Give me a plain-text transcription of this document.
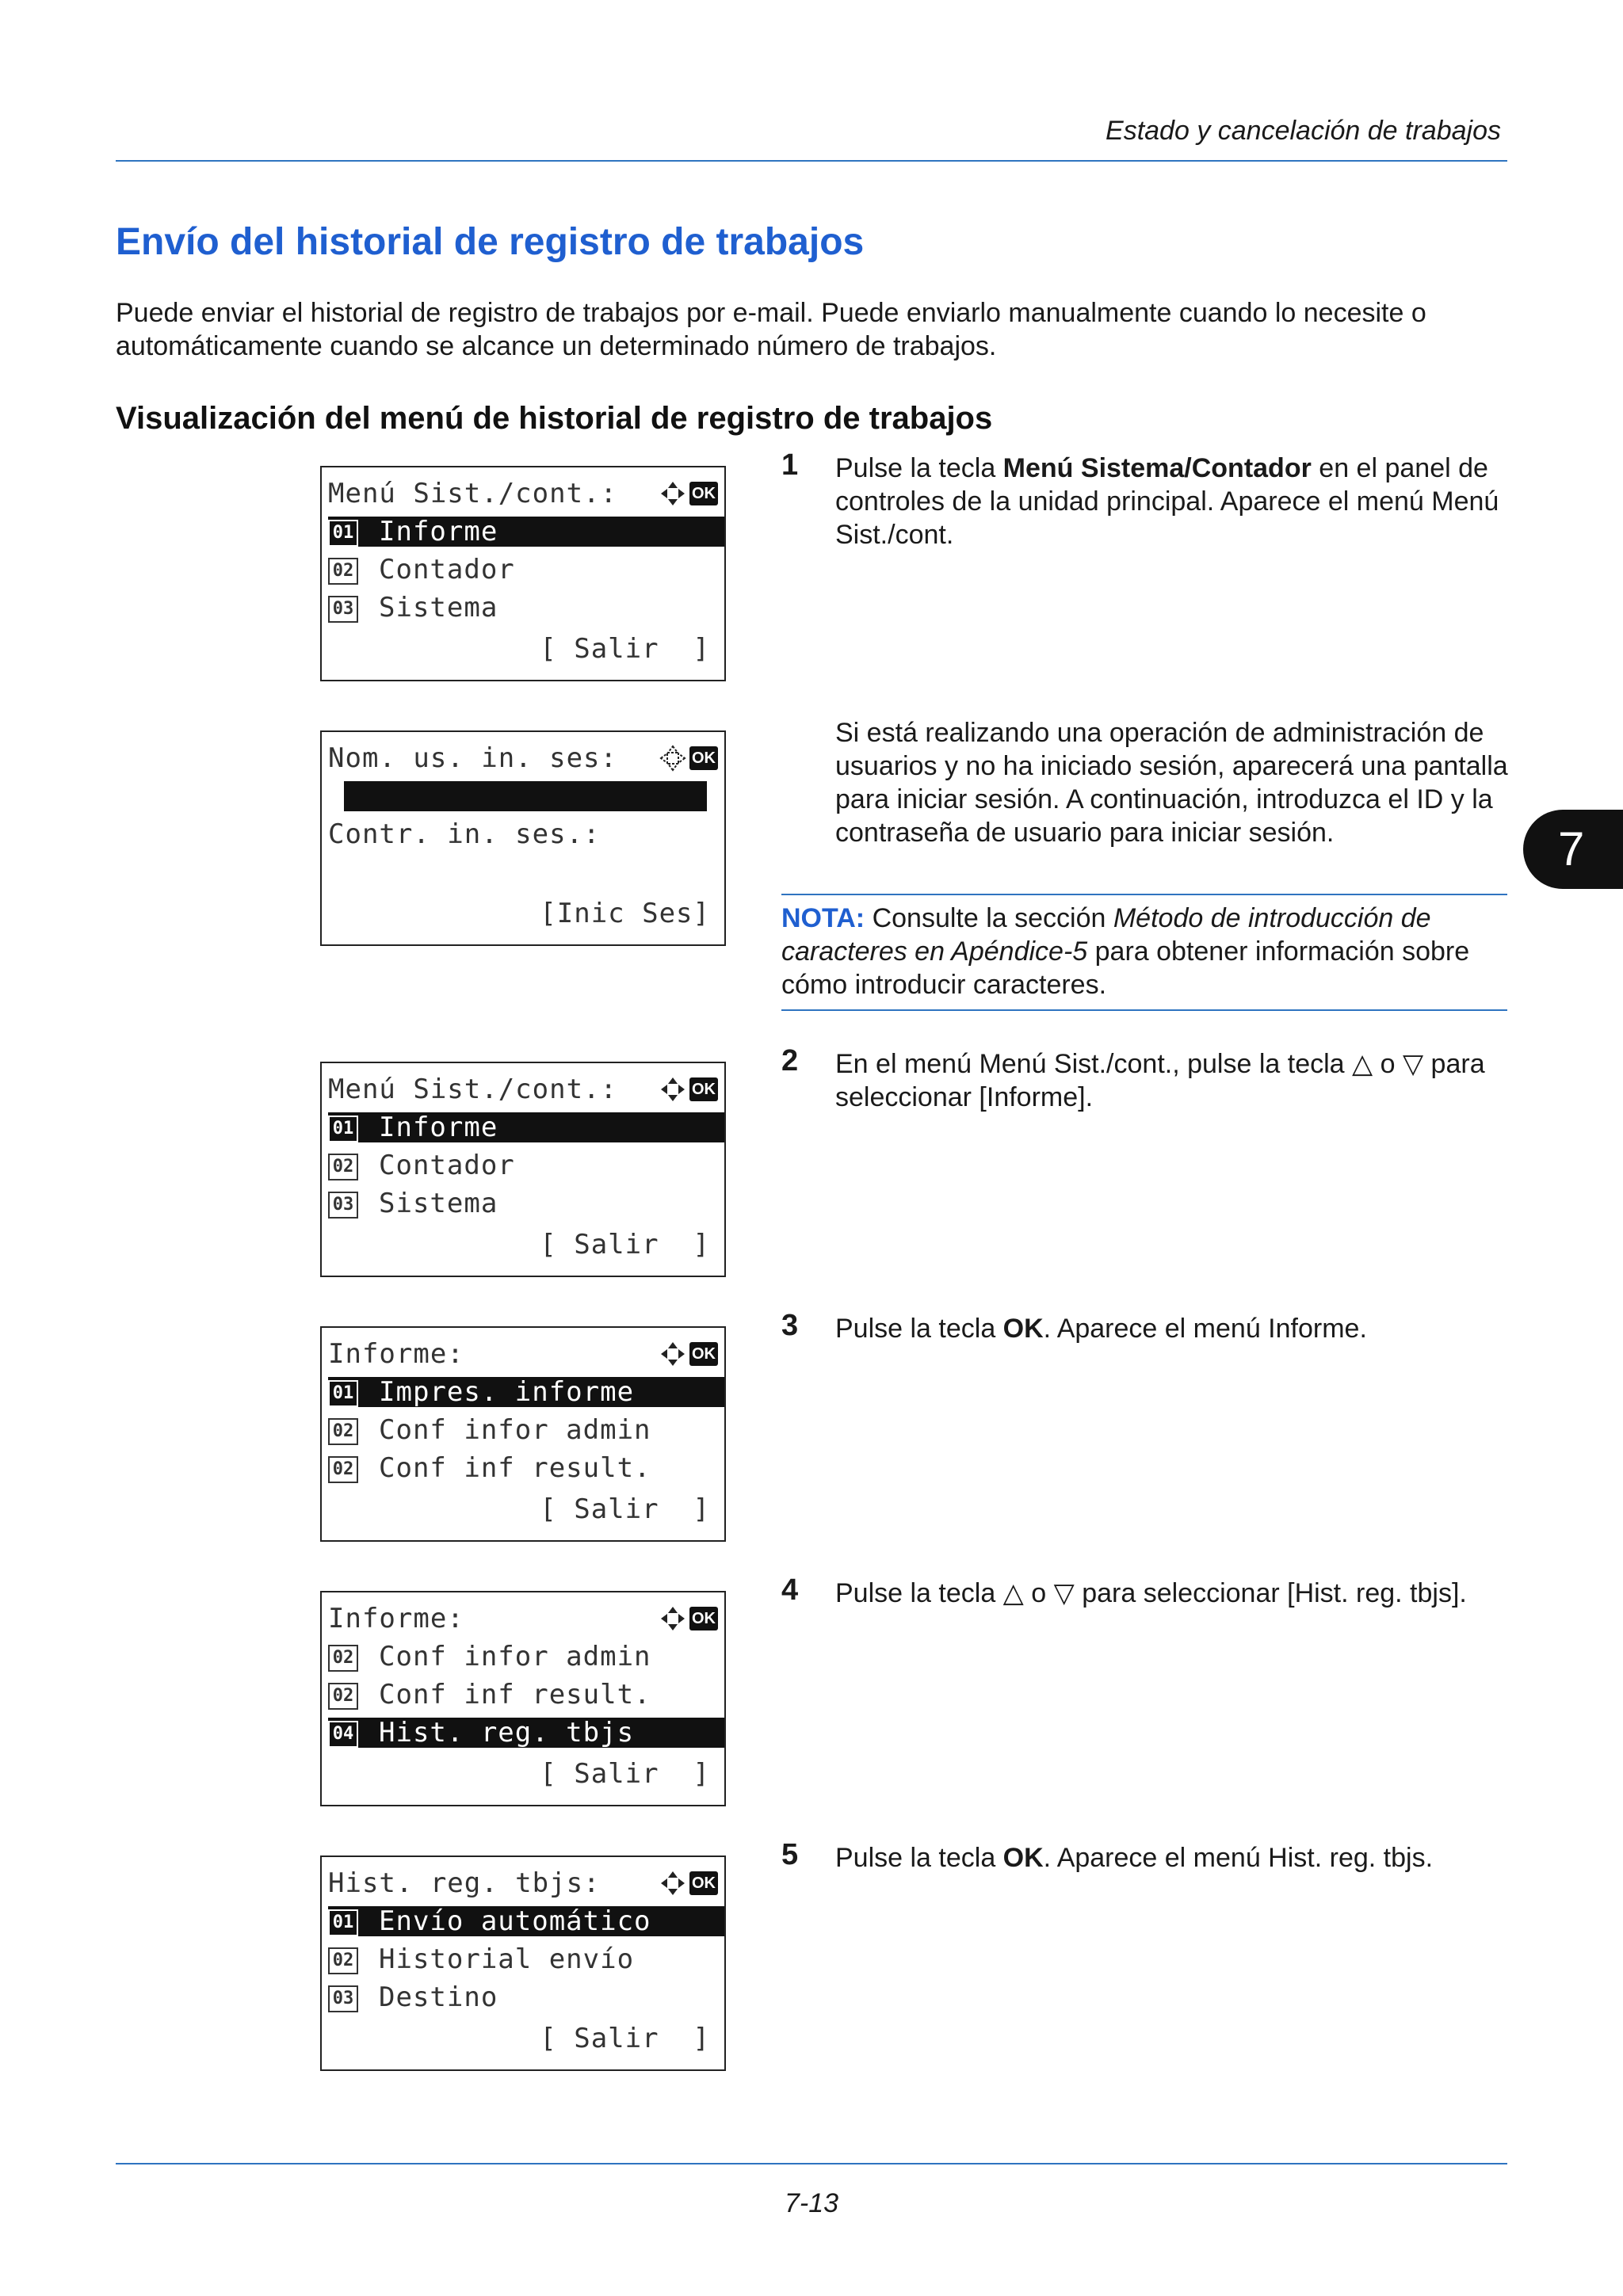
Estado y cancelación de trabajos
Envío del historial de registro de trabajos
Puede enviar el historial de registro de trabajos por e-mail. Puede enviarlo manualmente cuando lo necesite o automáticamente cuando se alcance un determinado número de trabajos.
Visualización del menú de historial de registro de trabajos
7
1 Pulse la tecla Menú Sistema/Contador en el panel de controles de la unidad principal. Aparece el menú Menú Sist./cont.
Si está realizando una operación de administración de usuarios y no ha iniciado sesión, aparecerá una pantalla para iniciar sesión. A continuación, introduzca el ID y la contraseña de usuario para iniciar sesión.
NOTA: Consulte la sección Método de introducción de caracteres en Apéndice-5 para obtener información sobre cómo introducir caracteres.
2 En el menú Menú Sist./cont., pulse la tecla △ o ▽ para seleccionar [Informe].
3 Pulse la tecla OK. Aparece el menú Informe.
4 Pulse la tecla △ o ▽ para seleccionar [Hist. reg. tbjs].
5 Pulse la tecla OK. Aparece el menú Hist. reg. tbjs.
Menú Sist./cont.:	OK
01 Informe
02 Contador
03 Sistema
[ Salir  ]
Nom. us. in. ses:	OK
Contr. in. ses.:
[Inic Ses]
Menú Sist./cont.:	OK
01 Informe
02 Contador
03 Sistema
[ Salir  ]
Informe:	OK
01 Impres. informe
02 Conf infor admin
02 Conf inf result.
[ Salir  ]
Informe:	OK
02 Conf infor admin
02 Conf inf result.
04 Hist. reg. tbjs
[ Salir  ]
Hist. reg. tbjs:	OK
01 Envío automático
02 Historial envío
03 Destino
[ Salir  ]
7-13
